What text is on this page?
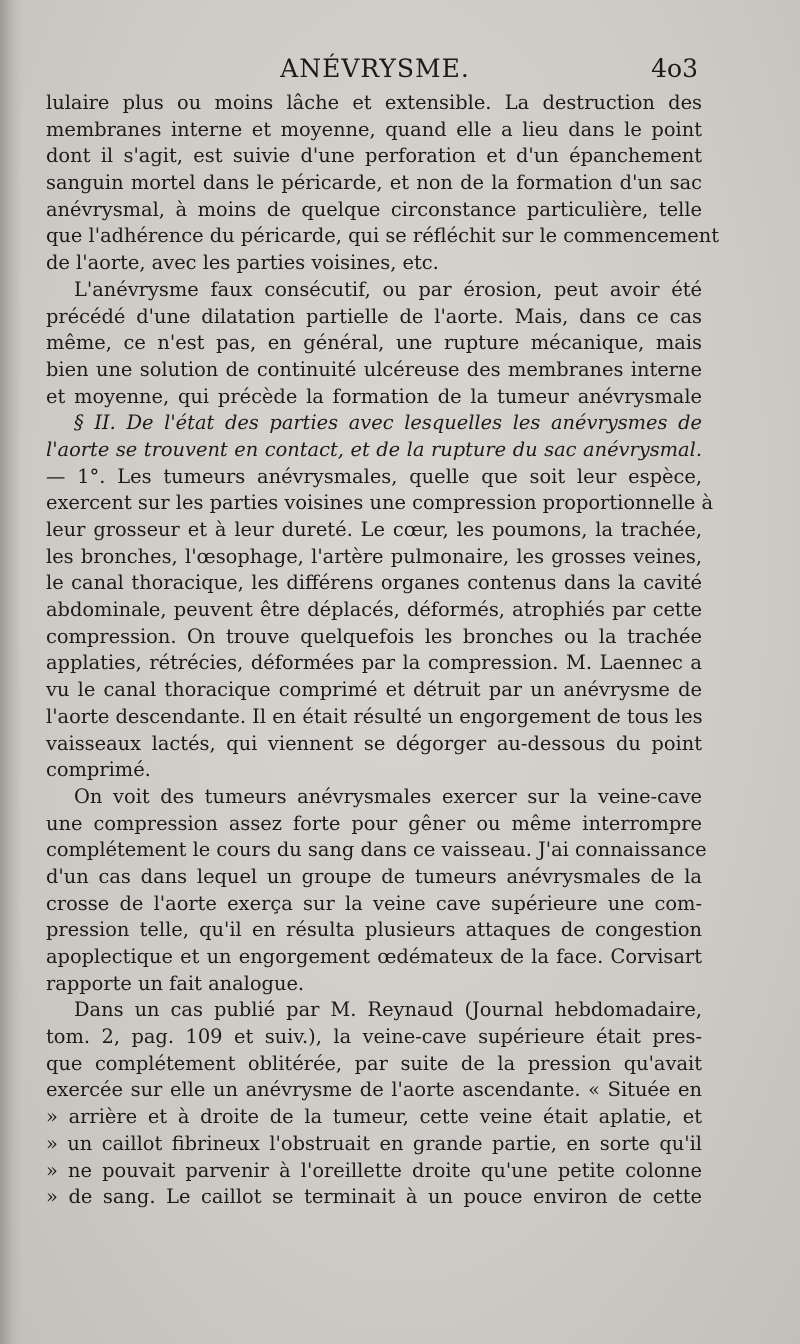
ANÉVRYSME.	4o3
lulaire plus ou moins lâche et extensible. La destruction des
membranes interne et moyenne, quand elle a lieu dans le point
dont il s'agit, est suivie d'une perforation et d'un épanchement
sanguin mortel dans le péricarde, et non de la formation d'un sac
anévrysmal, à moins de quelque circonstance particulière, telle
que l'adhérence du péricarde, qui se réfléchit sur le commencement
de l'aorte, avec les parties voisines, etc.
L'anévrysme faux consécutif, ou par érosion, peut avoir été
précédé d'une dilatation partielle de l'aorte. Mais, dans ce cas
même, ce n'est pas, en général, une rupture mécanique, mais
bien une solution de continuité ulcéreuse des membranes interne
et moyenne, qui précède la formation de la tumeur anévrysmale
§ II. De l'état des parties avec lesquelles les anévrysmes de
l'aorte se trouvent en contact, et de la rupture du sac anévrysmal.
— 1°. Les tumeurs anévrysmales, quelle que soit leur espèce,
exercent sur les parties voisines une compression proportionnelle à
leur grosseur et à leur dureté. Le cœur, les poumons, la trachée,
les bronches, l'œsophage, l'artère pulmonaire, les grosses veines,
le canal thoracique, les différens organes contenus dans la cavité
abdominale, peuvent être déplacés, déformés, atrophiés par cette
compression. On trouve quelquefois les bronches ou la trachée
applaties, rétrécies, déformées par la compression. M. Laennec a
vu le canal thoracique comprimé et détruit par un anévrysme de
l'aorte descendante. Il en était résulté un engorgement de tous les
vaisseaux lactés, qui viennent se dégorger au-dessous du point
comprimé.
On voit des tumeurs anévrysmales exercer sur la veine-cave
une compression assez forte pour gêner ou même interrompre
complétement le cours du sang dans ce vaisseau. J'ai connaissance
d'un cas dans lequel un groupe de tumeurs anévrysmales de la
crosse de l'aorte exerça sur la veine cave supérieure une com-
pression telle, qu'il en résulta plusieurs attaques de congestion
apoplectique et un engorgement œdémateux de la face. Corvisart
rapporte un fait analogue.
Dans un cas publié par M. Reynaud (Journal hebdomadaire,
tom. 2, pag. 109 et suiv.), la veine-cave supérieure était pres-
que complétement oblitérée, par suite de la pression qu'avait
exercée sur elle un anévrysme de l'aorte ascendante. « Située en
» arrière et à droite de la tumeur, cette veine était aplatie, et
» un caillot fibrineux l'obstruait en grande partie, en sorte qu'il
» ne pouvait parvenir à l'oreillette droite qu'une petite colonne
» de sang. Le caillot se terminait à un pouce environ de cette
